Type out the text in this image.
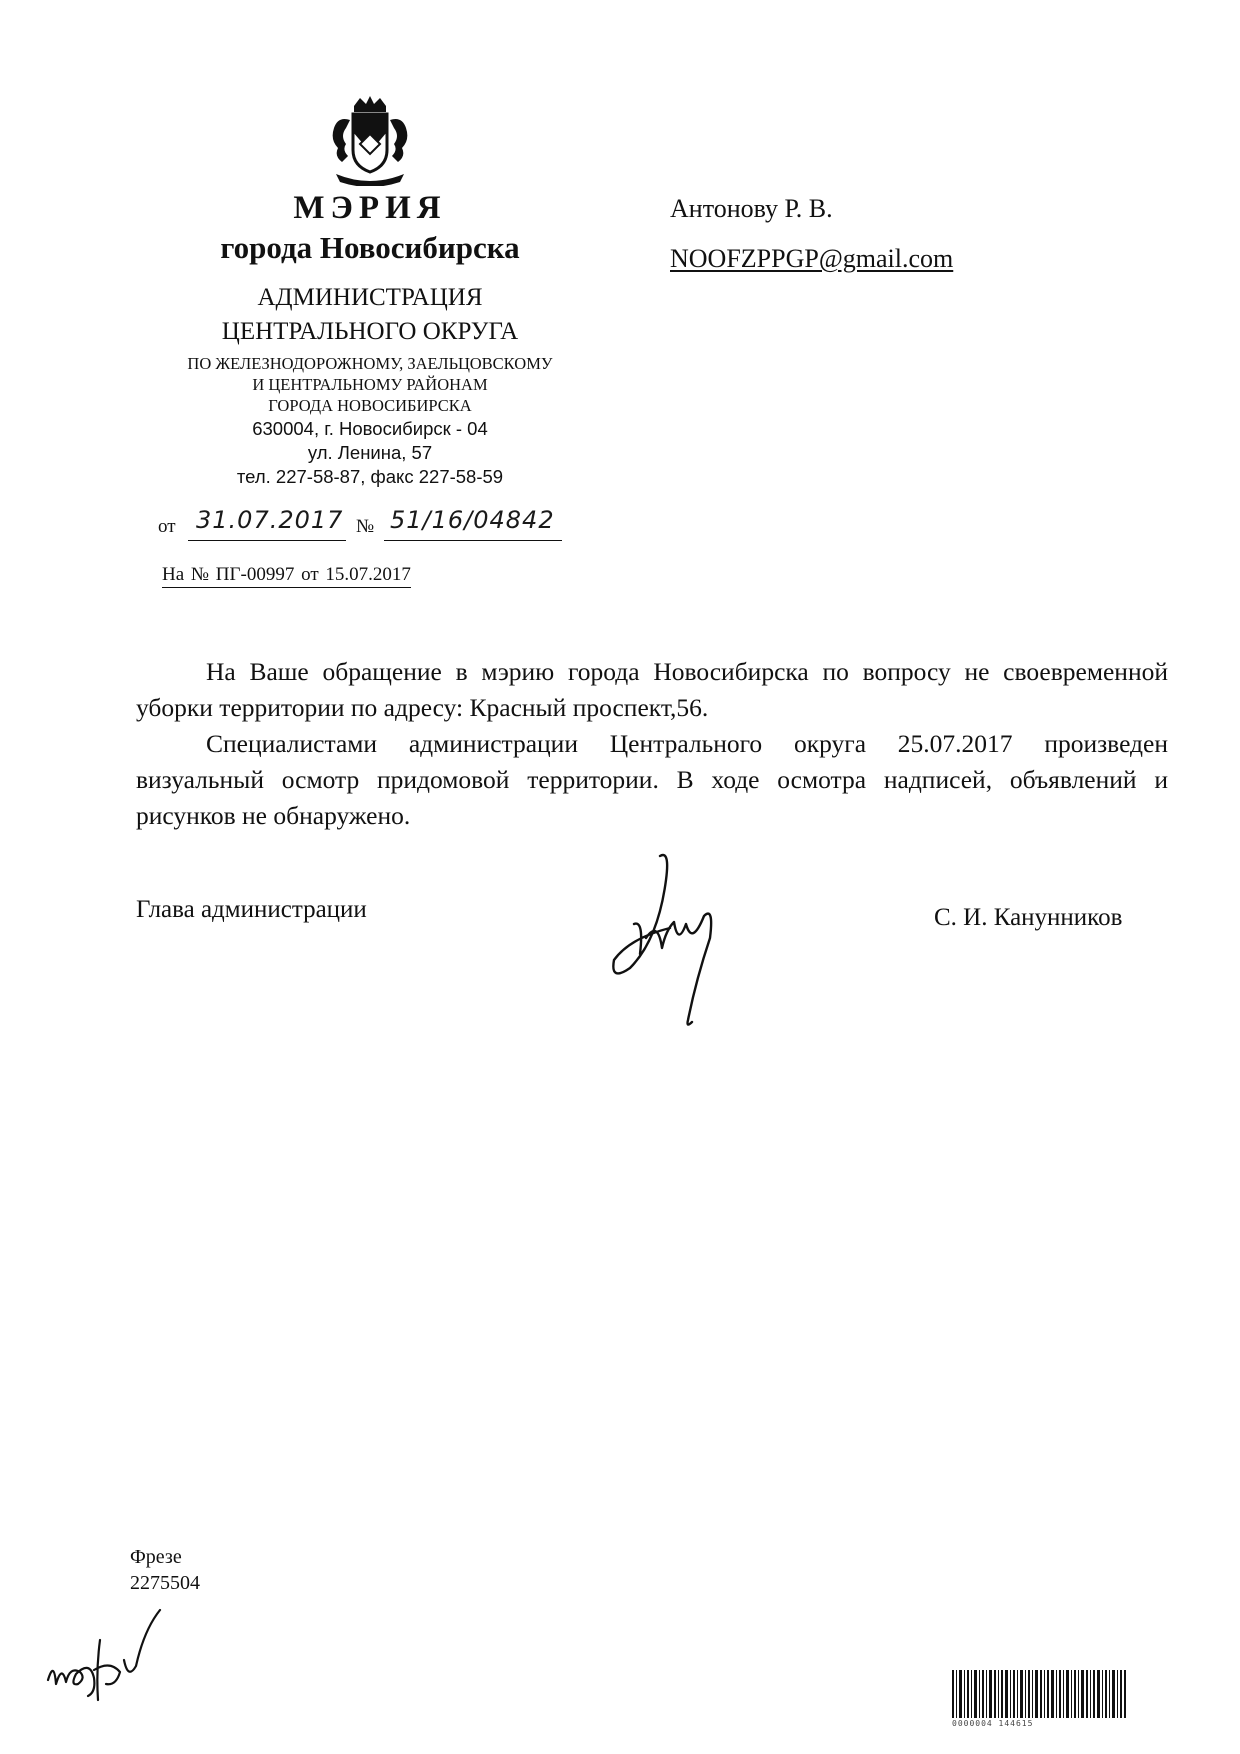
МЭРИЯ
города Новосибирска
АДМИНИСТРАЦИЯ
ЦЕНТРАЛЬНОГО ОКРУГА
ПО ЖЕЛЕЗНОДОРОЖНОМУ, ЗАЕЛЬЦОВСКОМУ
И ЦЕНТРАЛЬНОМУ РАЙОНАМ
ГОРОДА НОВОСИБИРСКА
630004, г. Новосибирск - 04
ул. Ленина, 57
тел. 227-58-87, факс 227-58-59
от 31.07.2017 № 51/16/04842
На № ПГ-00997 от 15.07.2017
Антонову Р. В.
NOOFZPPGP@gmail.com

На Ваше обращение в мэрию города Новосибирска по вопросу не своевременной уборки территории по адресу: Красный проспект,56.

Специалистами администрации Центрального округа 25.07.2017 произведен визуальный осмотр придомовой территории. В ходе осмотра надписей, объявлений и рисунков не обнаружено.

Глава администрации	С. И. Канунников
Фрезе
2275504
0000004 144615
